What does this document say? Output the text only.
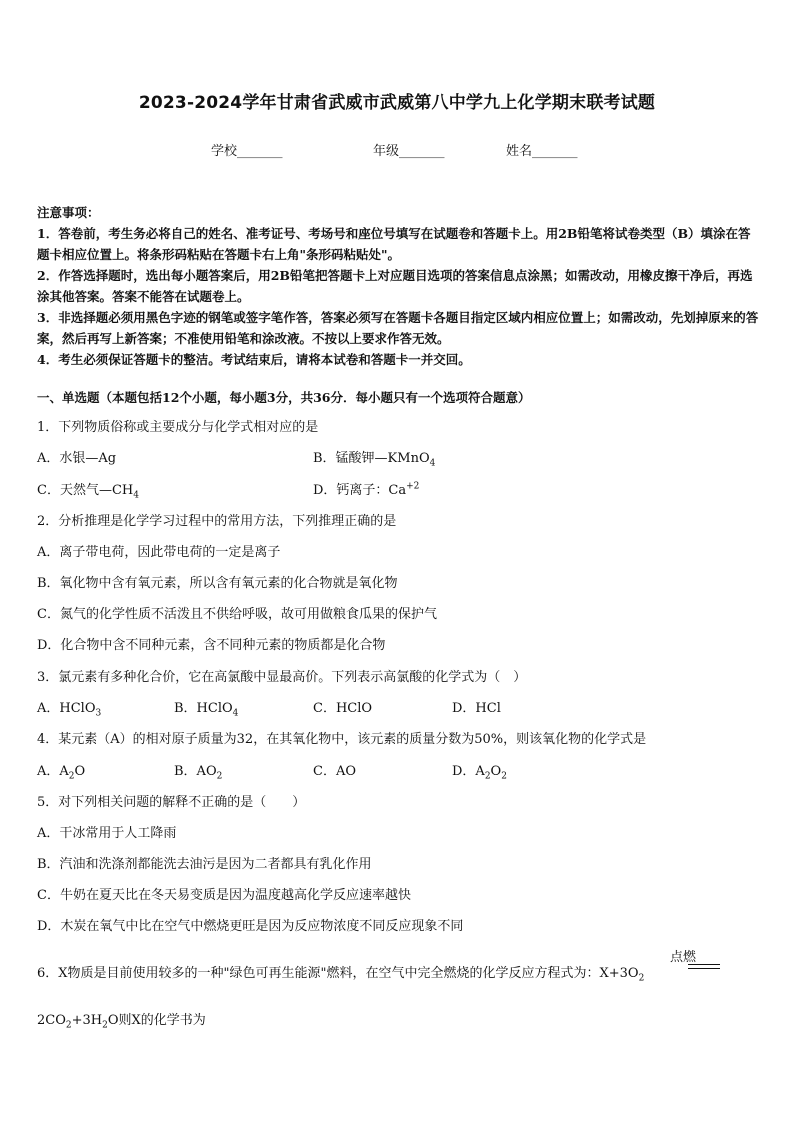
2023-2024学年甘肃省武威市武威第八中学九上化学期末联考试题
学校_______	年级_______	姓名_______

注意事项：

1．答卷前，考生务必将自己的姓名、准考证号、考场号和座位号填写在试题卷和答题卡上。用2B铅笔将试卷类型（B）填涂在答题卡相应位置上。将条形码粘贴在答题卡右上角"条形码粘贴处"。

2．作答选择题时，选出每小题答案后，用2B铅笔把答题卡上对应题目选项的答案信息点涂黑；如需改动，用橡皮擦干净后，再选涂其他答案。答案不能答在试题卷上。

3．非选择题必须用黑色字迹的钢笔或签字笔作答，答案必须写在答题卡各题目指定区域内相应位置上；如需改动，先划掉原来的答案，然后再写上新答案；不准使用铅笔和涂改液。不按以上要求作答无效。

4．考生必须保证答题卡的整洁。考试结束后，请将本试卷和答题卡一并交回。

一、单选题（本题包括12个小题，每小题3分，共36分．每小题只有一个选项符合题意）
1．下列物质俗称或主要成分与化学式相对应的是
A．水银—Ag	B．锰酸钾—KMnO$_4$
C．天然气$—CH_4$	D．钙离子：$Ca^{+2}$
2．分析推理是化学学习过程中的常用方法，下列推理正确的是
A．离子带电荷，因此带电荷的一定是离子
B．氧化物中含有氧元素，所以含有氧元素的化合物就是氧化物
C．氮气的化学性质不活泼且不供给呼吸，故可用做粮食瓜果的保护气
D．化合物中含不同种元素，含不同种元素的物质都是化合物
3．氯元素有多种化合价，它在高氯酸中显最高价。下列表示高氯酸的化学式为（　）
A．HClO$_3$	B．HClO$_4$	C．HClO	D．HCl
4．某元素（A）的相对原子质量为32，在其氧化物中，该元素的质量分数为50%，则该氧化物的化学式是
A．$A_2O$	B．$AO_2$	C．AO	D．$A_2O_2$
5．对下列相关问题的解释不正确的是（　　）
A．干冰常用于人工降雨
B．汽油和洗涤剂都能洗去油污是因为二者都具有乳化作用
C．牛奶在夏天比在冬天易变质是因为温度越高化学反应速率越快
D．木炭在氧气中比在空气中燃烧更旺是因为反应物浓度不同反应现象不同
6．X物质是目前使用较多的一种"绿色可再生能源"燃料，在空气中完全燃烧的化学反应方程式为：$X+3O_2$
点燃
$2CO_2+3H_2O$则X的化学书为
